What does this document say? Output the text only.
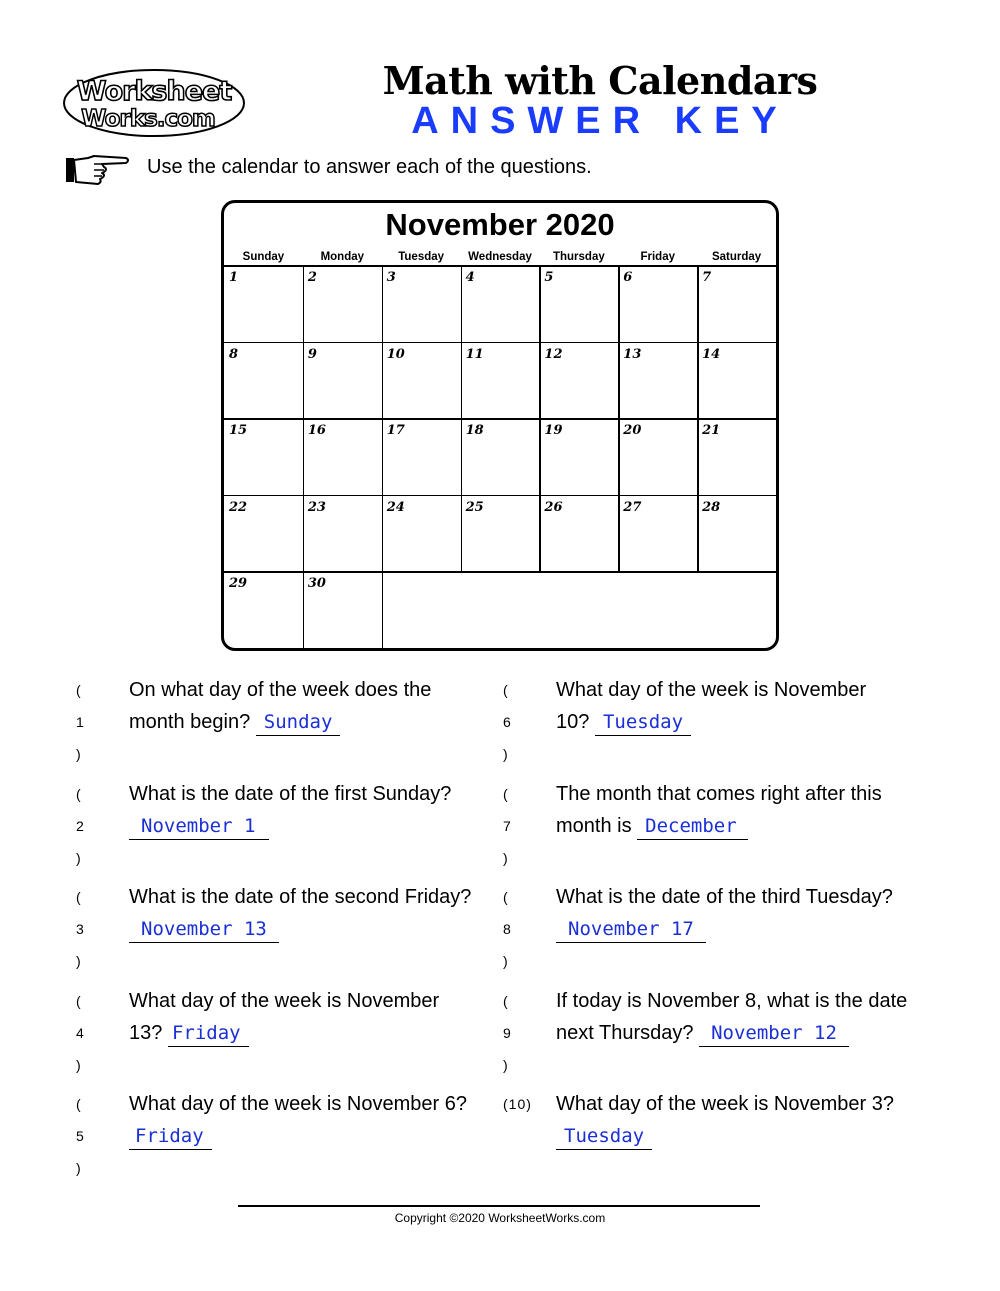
Worksheet
Works.com
Math with Calendars
ANSWER KEY
Use the calendar to answer each of the questions.
November 2020
Sunday	Monday	Tuesday	Wednesday	Thursday	Friday	Saturday
1	2	3	4	5	6	7
8	9	10	11	12	13	14
15	16	17	18	19	20	21
22	23	24	25	26	27	28
29	30
( 1 )
On what day of the week does the month begin? Sunday
( 2 )
What is the date of the first Sunday?
November 1
( 3 )
What is the date of the second Friday?
November 13
( 4 )
What day of the week is November 13? Friday
( 5 )
What day of the week is November 6?
Friday
( 6 )
What day of the week is November 10? Tuesday
( 7 )
The month that comes right after this month is December
( 8 )
What is the date of the third Tuesday?
November 17
( 9 )
If today is November 8, what is the date next Thursday? November 12
(10) What day of the week is November 3?
Tuesday
Copyright ©2020 WorksheetWorks.com
